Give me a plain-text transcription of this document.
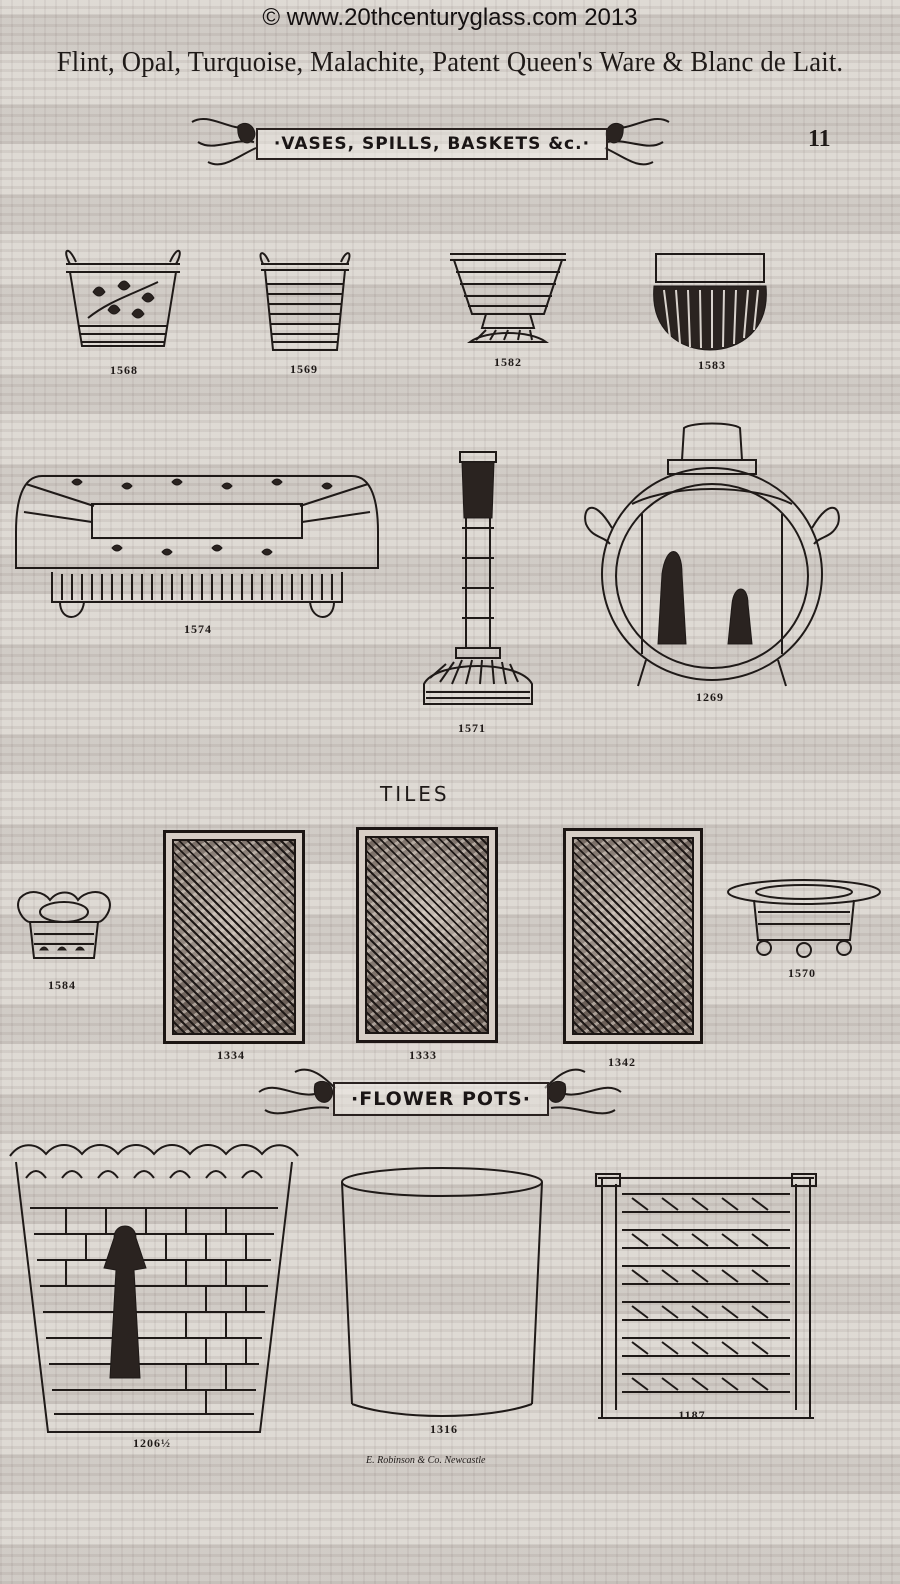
© www.20thcenturyglass.com 2013
Flint, Opal, Turquoise, Malachite, Patent Queen's Ware & Blanc de Lait.
11
·VASES, SPILLS, BASKETS &c.·
1568	1569	1582	1583
1574
1571
1269
TILES
1584
1334	1333	1342
1570
·FLOWER POTS·
1206½
1316
1187
E. Robinson & Co. Newcastle
